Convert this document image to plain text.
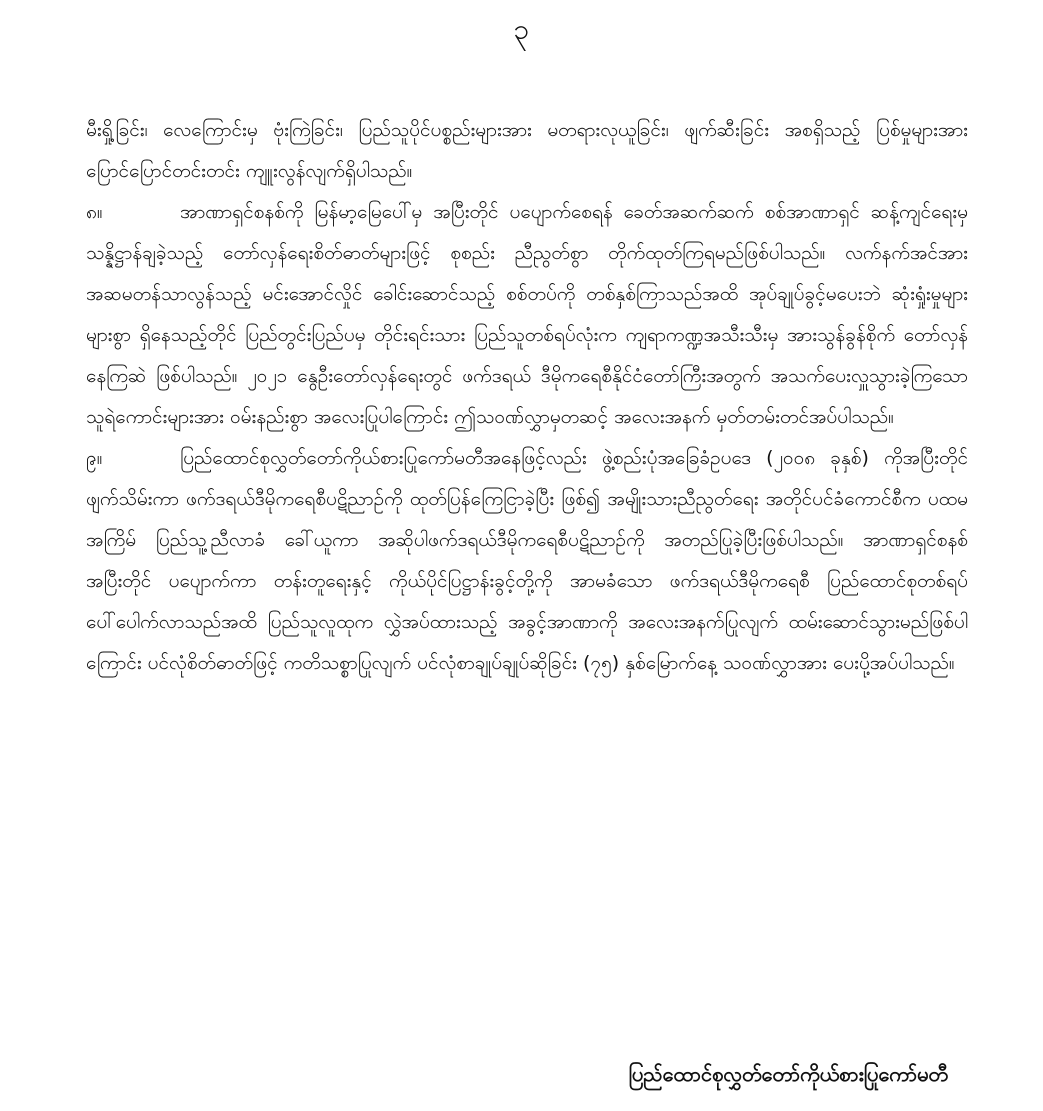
၃

မီးရှို့ခြင်း၊ လေကြောင်းမှ ဗုံးကြဲခြင်း၊ ပြည်သူပိုင်ပစ္စည်းများအား မတရားလုယူခြင်း၊ ဖျက်ဆီးခြင်း အစရှိသည့် ပြစ်မှုများအား ပြောင်ပြောင်တင်းတင်း ကျူးလွန်လျက်ရှိပါသည်။

၈။	အာဏာရှင်စနစ်ကို မြန်မာ့မြေပေါ်မှ အပြီးတိုင် ပပျောက်စေရန် ခေတ်အဆက်ဆက် စစ်အာဏာရှင် ဆန့်ကျင်ရေးမှ သန္နိဋ္ဌာန်ချခဲ့သည့် တော်လှန်ရေးစိတ်ဓာတ်များဖြင့် စုစည်း ညီညွတ်စွာ တိုက်ထုတ်ကြရမည်ဖြစ်ပါသည်။ လက်နက်အင်အား အဆမတန်သာလွန်သည့် မင်းအောင်လှိုင် ခေါင်းဆောင်သည့် စစ်တပ်ကို တစ်နှစ်ကြာသည်အထိ အုပ်ချုပ်ခွင့်မပေးဘဲ ဆုံးရှုံးမှုများ များစွာ ရှိနေသည့်တိုင် ပြည်တွင်းပြည်ပမှ တိုင်းရင်းသား ပြည်သူတစ်ရပ်လုံးက ကျရာကဏ္ဍအသီးသီးမှ အားသွန်ခွန်စိုက် တော်လှန်နေကြဆဲ ဖြစ်ပါသည်။ ၂၀၂၁ နွေဦးတော်လှန်ရေးတွင် ဖက်ဒရယ် ဒီမိုကရေစီနိုင်ငံတော်ကြီးအတွက် အသက်ပေးလှူသွားခဲ့ကြသော သူရဲကောင်းများအား ဝမ်းနည်းစွာ အလေးပြုပါကြောင်း ဤသဝဏ်လွှာမှတဆင့် အလေးအနက် မှတ်တမ်းတင်အပ်ပါသည်။

၉။	ပြည်ထောင်စုလွှတ်တော်ကိုယ်စားပြုကော်မတီအနေဖြင့်လည်း ဖွဲ့စည်းပုံအခြေခံဥပဒေ (၂၀၀၈ ခုနှစ်) ကိုအပြီးတိုင်ဖျက်သိမ်းကာ ဖက်ဒရယ်ဒီမိုကရေစီပဋိညာဉ်ကို ထုတ်ပြန်ကြေငြာခဲ့ပြီး ဖြစ်၍ အမျိုးသားညီညွတ်ရေး အတိုင်ပင်ခံကောင်စီက ပထမအကြိမ် ပြည်သူ့ညီလာခံ ခေါ်ယူကာ အဆိုပါဖက်ဒရယ်ဒီမိုကရေစီပဋိညာဉ်ကို အတည်ပြုခဲ့ပြီးဖြစ်ပါသည်။ အာဏာရှင်စနစ် အပြီးတိုင် ပပျောက်ကာ တန်းတူရေးနှင့် ကိုယ်ပိုင်ပြဋ္ဌာန်းခွင့်တို့ကို အာမခံသော ဖက်ဒရယ်ဒီမိုကရေစီ ပြည်ထောင်စုတစ်ရပ် ပေါ်ပေါက်လာသည်အထိ ပြည်သူလူထုက လွှဲအပ်ထားသည့် အခွင့်အာဏာကို အလေးအနက်ပြုလျက် ထမ်းဆောင်သွားမည်ဖြစ်ပါကြောင်း ပင်လုံစိတ်ဓာတ်ဖြင့် ကတိသစ္စာပြုလျက် ပင်လုံစာချုပ်ချုပ်ဆိုခြင်း (၇၅) နှစ်မြောက်နေ့ သဝဏ်လွှာအား ပေးပို့အပ်ပါသည်။

ပြည်ထောင်စုလွှတ်တော်ကိုယ်စားပြုကော်မတီ
